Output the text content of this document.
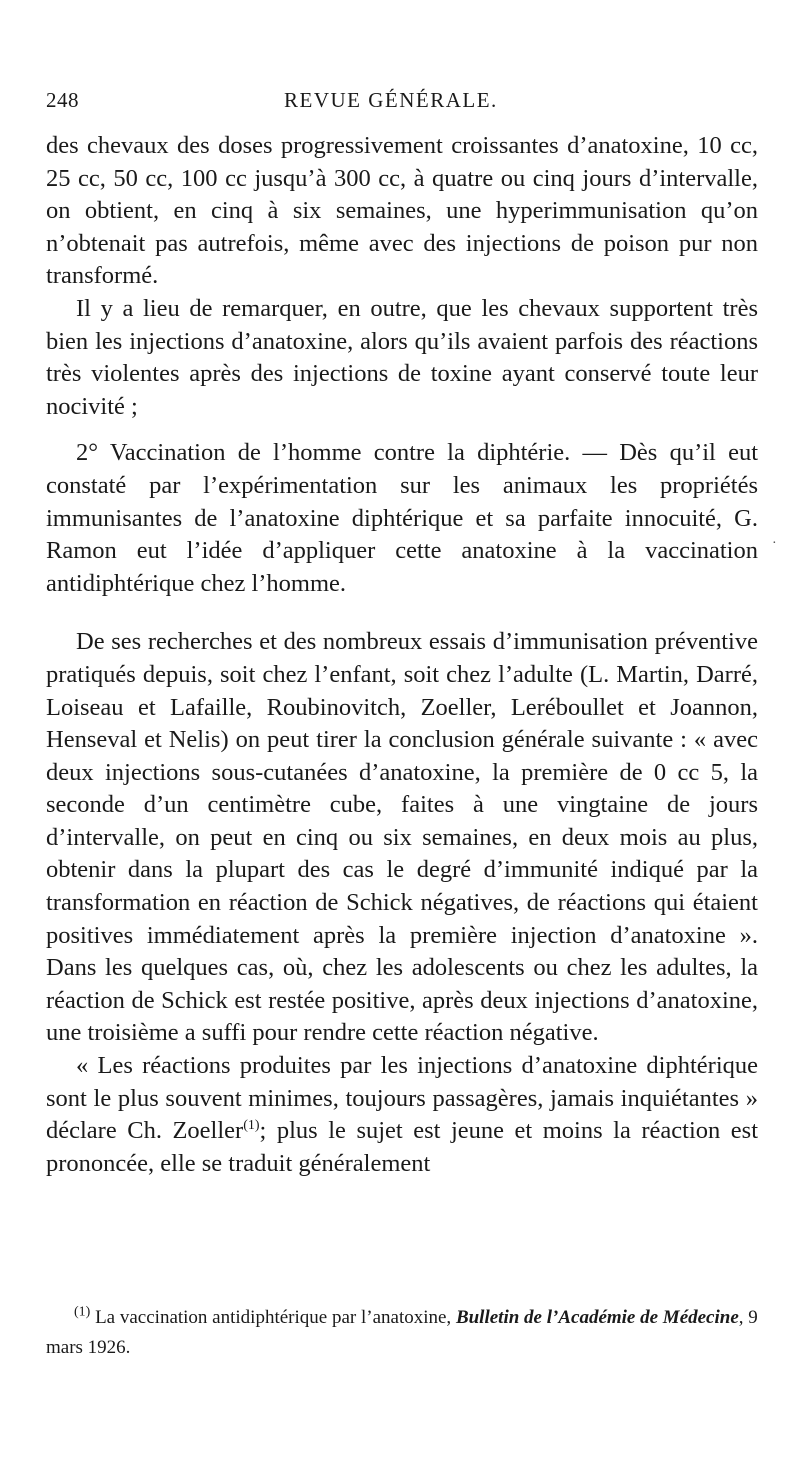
248	REVUE GÉNÉRALE.

des chevaux des doses progressivement croissantes d’anatoxine, 10 cc, 25 cc, 50 cc, 100 cc jusqu’à 300 cc, à quatre ou cinq jours d’intervalle, on obtient, en cinq à six semaines, une hyperimmunisation qu’on n’obtenait pas autrefois, même avec des injections de poison pur non transformé.

Il y a lieu de remarquer, en outre, que les chevaux supportent très bien les injections d’anatoxine, alors qu’ils avaient parfois des réactions très violentes après des injections de toxine ayant conservé toute leur nocivité ;

2° Vaccination de l’homme contre la diphtérie. — Dès qu’il eut constaté par l’expérimentation sur les animaux les propriétés immunisantes de l’anatoxine diphtérique et sa parfaite innocuité, G. Ramon eut l’idée d’appliquer cette anatoxine à la vaccination antidiphtérique chez l’homme.

De ses recherches et des nombreux essais d’immunisation préventive pratiqués depuis, soit chez l’enfant, soit chez l’adulte (L. Martin, Darré, Loiseau et Lafaille, Roubinovitch, Zoeller, Leréboullet et Joannon, Henseval et Nelis) on peut tirer la conclusion générale suivante : « avec deux injections sous-cutanées d’anatoxine, la première de 0 cc 5, la seconde d’un centimètre cube, faites à une vingtaine de jours d’intervalle, on peut en cinq ou six semaines, en deux mois au plus, obtenir dans la plupart des cas le degré d’immunité indiqué par la transformation en réaction de Schick négatives, de réactions qui étaient positives immédiatement après la première injection d’anatoxine ». Dans les quelques cas, où, chez les adolescents ou chez les adultes, la réaction de Schick est restée positive, après deux injections d’anatoxine, une troisième a suffi pour rendre cette réaction négative.

« Les réactions produites par les injections d’anatoxine diphtérique sont le plus souvent minimes, toujours passagères, jamais inquiétantes » déclare Ch. Zoeller$^{(1)}$; plus le sujet est jeune et moins la réaction est prononcée, elle se traduit généralement

·
$^{(1)}$ La vaccination antidiphtérique par l’anatoxine, Bulletin de l’Académie de Médecine, 9 mars 1926.
